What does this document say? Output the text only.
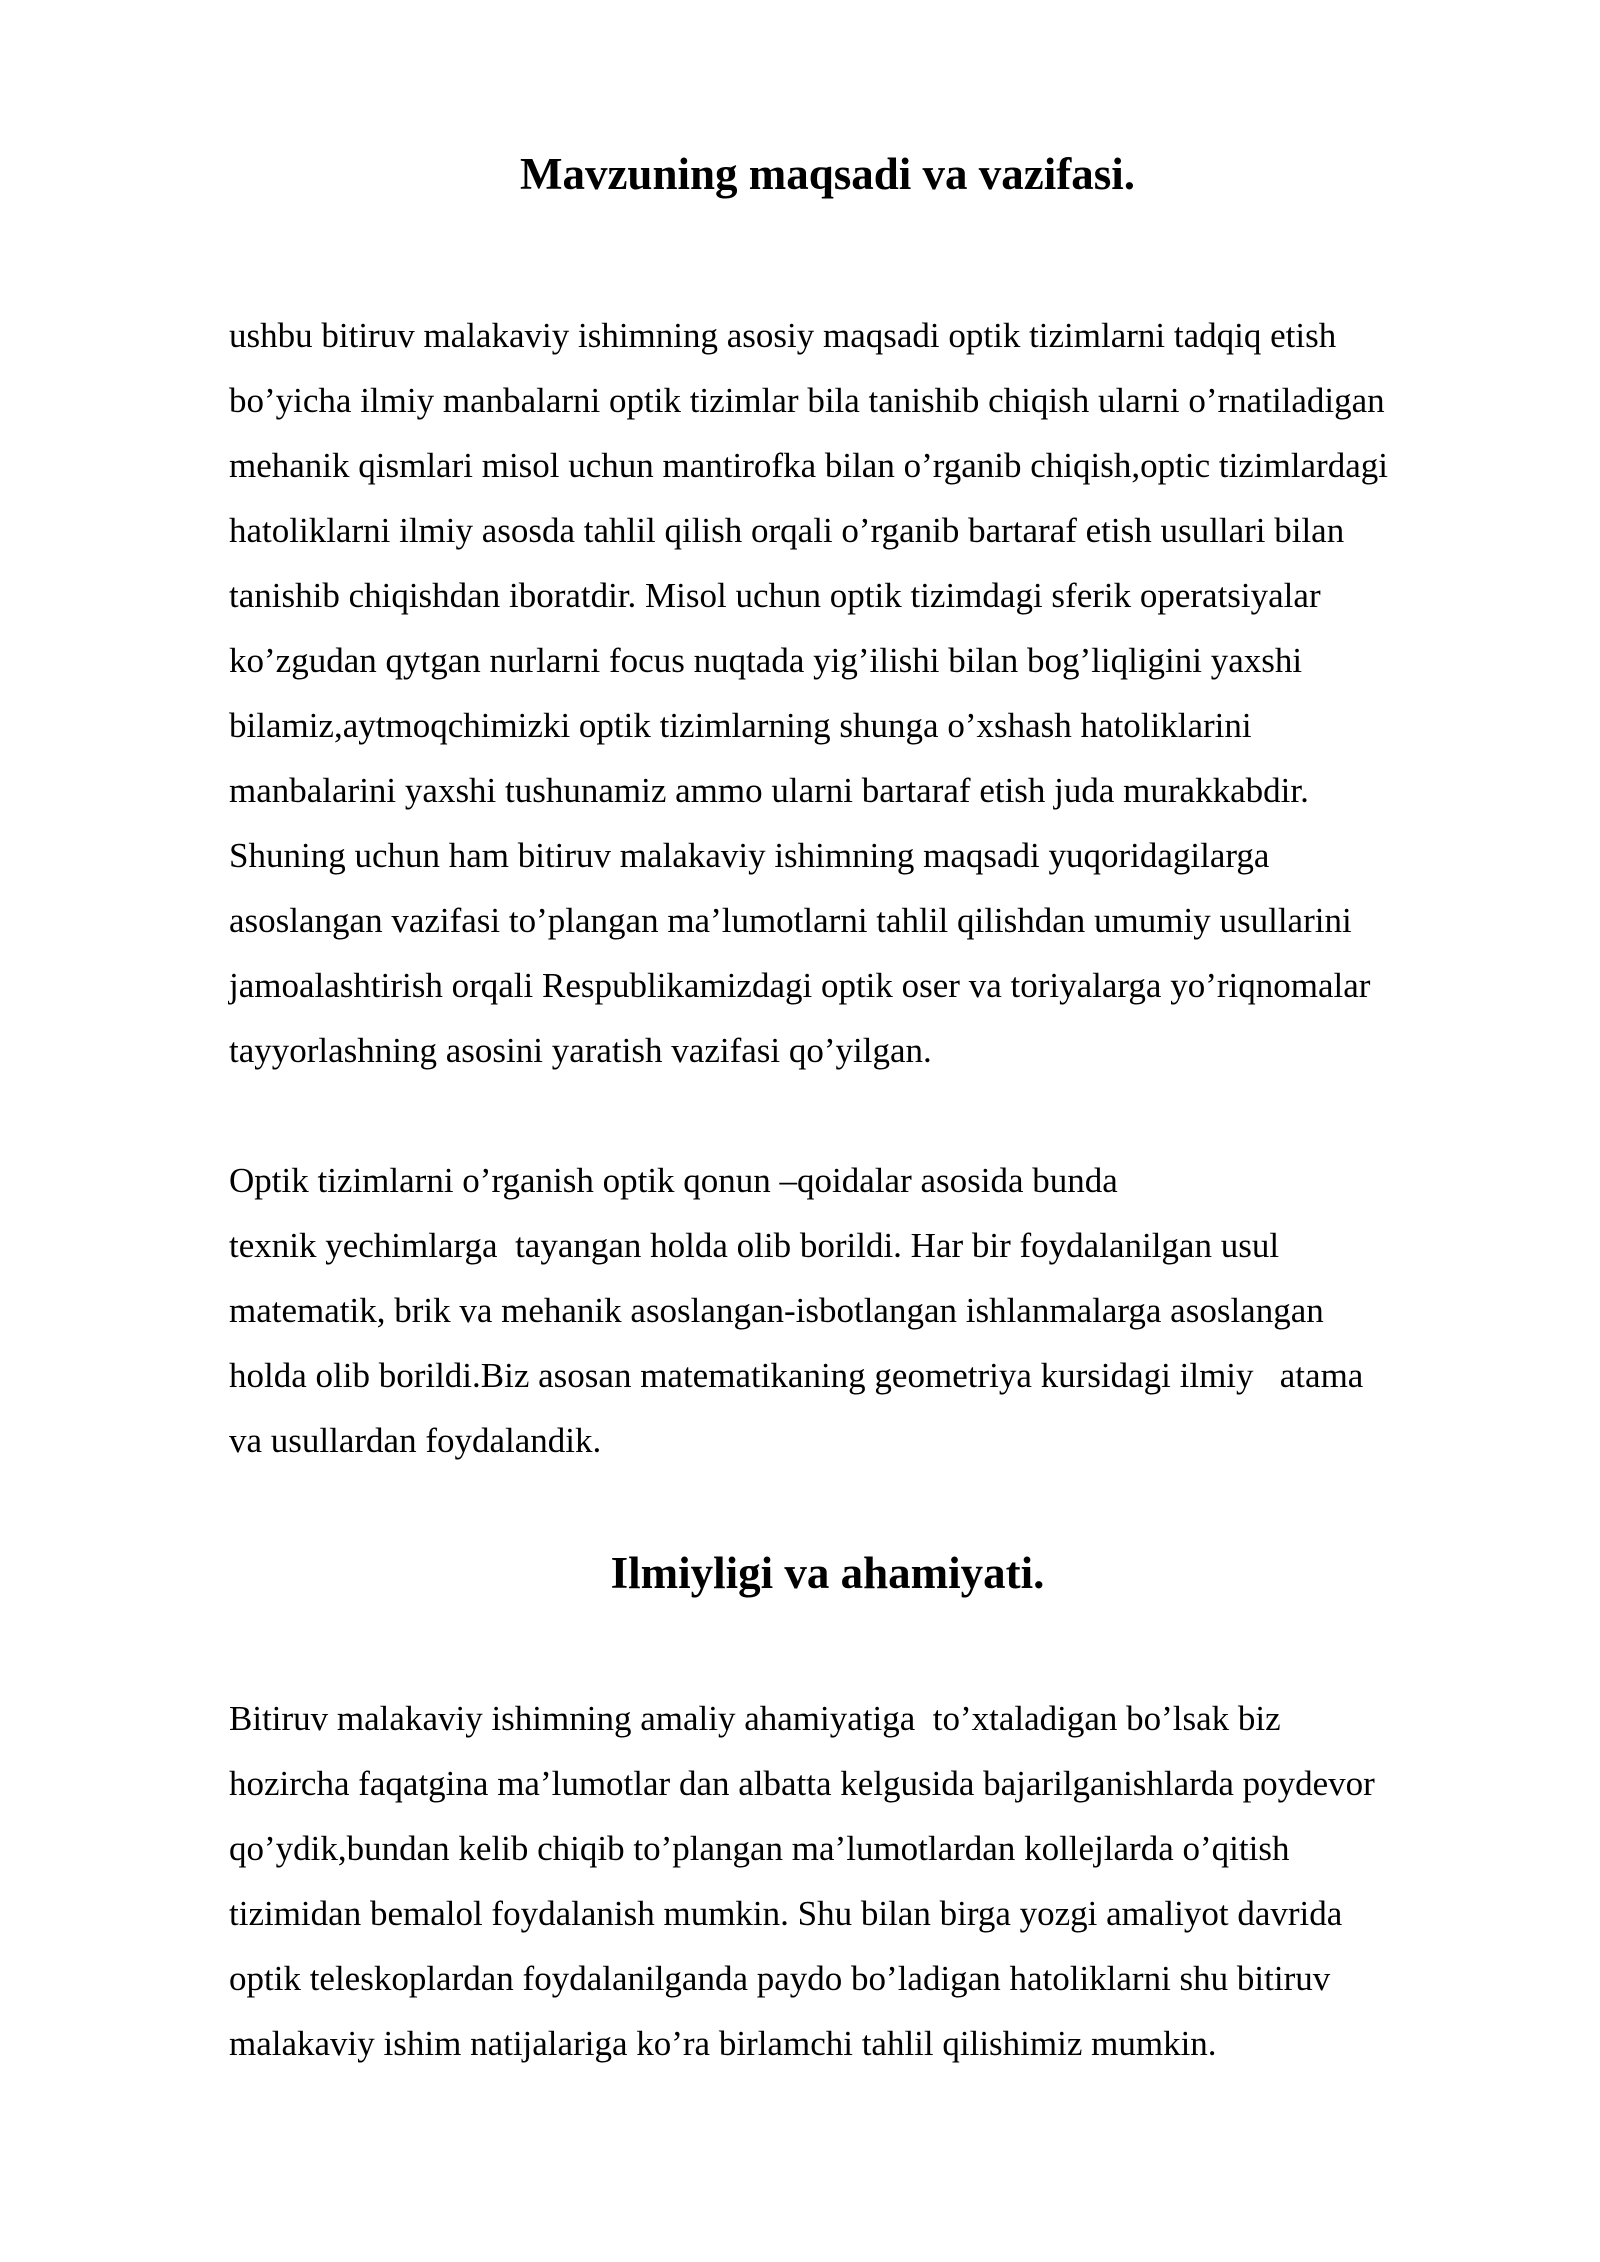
Mavzuning maqsadi va vazifasi.

ushbu bitiruv malakaviy ishimning asosiy maqsadi optik tizimlarni tadqiq etish
bo’yicha ilmiy manbalarni optik tizimlar bila tanishib chiqish ularni o’rnatiladigan
mehanik qismlari misol uchun mantirofka bilan o’rganib chiqish,optic tizimlardagi
hatoliklarni ilmiy asosda tahlil qilish orqali o’rganib bartaraf etish usullari bilan
tanishib chiqishdan iboratdir. Misol uchun optik tizimdagi sferik operatsiyalar
ko’zgudan qytgan nurlarni focus nuqtada yig’ilishi bilan bog’liqligini yaxshi
bilamiz,aytmoqchimizki optik tizimlarning shunga o’xshash hatoliklarini
manbalarini yaxshi tushunamiz ammo ularni bartaraf etish juda murakkabdir.
Shuning uchun ham bitiruv malakaviy ishimning maqsadi yuqoridagilarga
asoslangan vazifasi to’plangan ma’lumotlarni tahlil qilishdan umumiy usullarini
jamoalashtirish orqali Respublikamizdagi optik oser va toriyalarga yo’riqnomalar
tayyorlashning asosini yaratish vazifasi qo’yilgan.

Optik tizimlarni o’rganish optik qonun –qoidalar asosida bunda
texnik yechimlarga  tayangan holda olib borildi. Har bir foydalanilgan usul
matematik, brik va mehanik asoslangan-isbotlangan ishlanmalarga asoslangan
holda olib borildi.Biz asosan matematikaning geometriya kursidagi ilmiy   atama
va usullardan foydalandik.

Ilmiyligi va ahamiyati.

Bitiruv malakaviy ishimning amaliy ahamiyatiga  to’xtaladigan bo’lsak biz
hozircha faqatgina ma’lumotlar dan albatta kelgusida bajarilganishlarda poydevor
qo’ydik,bundan kelib chiqib to’plangan ma’lumotlardan kollejlarda o’qitish
tizimidan bemalol foydalanish mumkin. Shu bilan birga yozgi amaliyot davrida
optik teleskoplardan foydalanilganda paydo bo’ladigan hatoliklarni shu bitiruv
malakaviy ishim natijalariga ko’ra birlamchi tahlil qilishimiz mumkin.
